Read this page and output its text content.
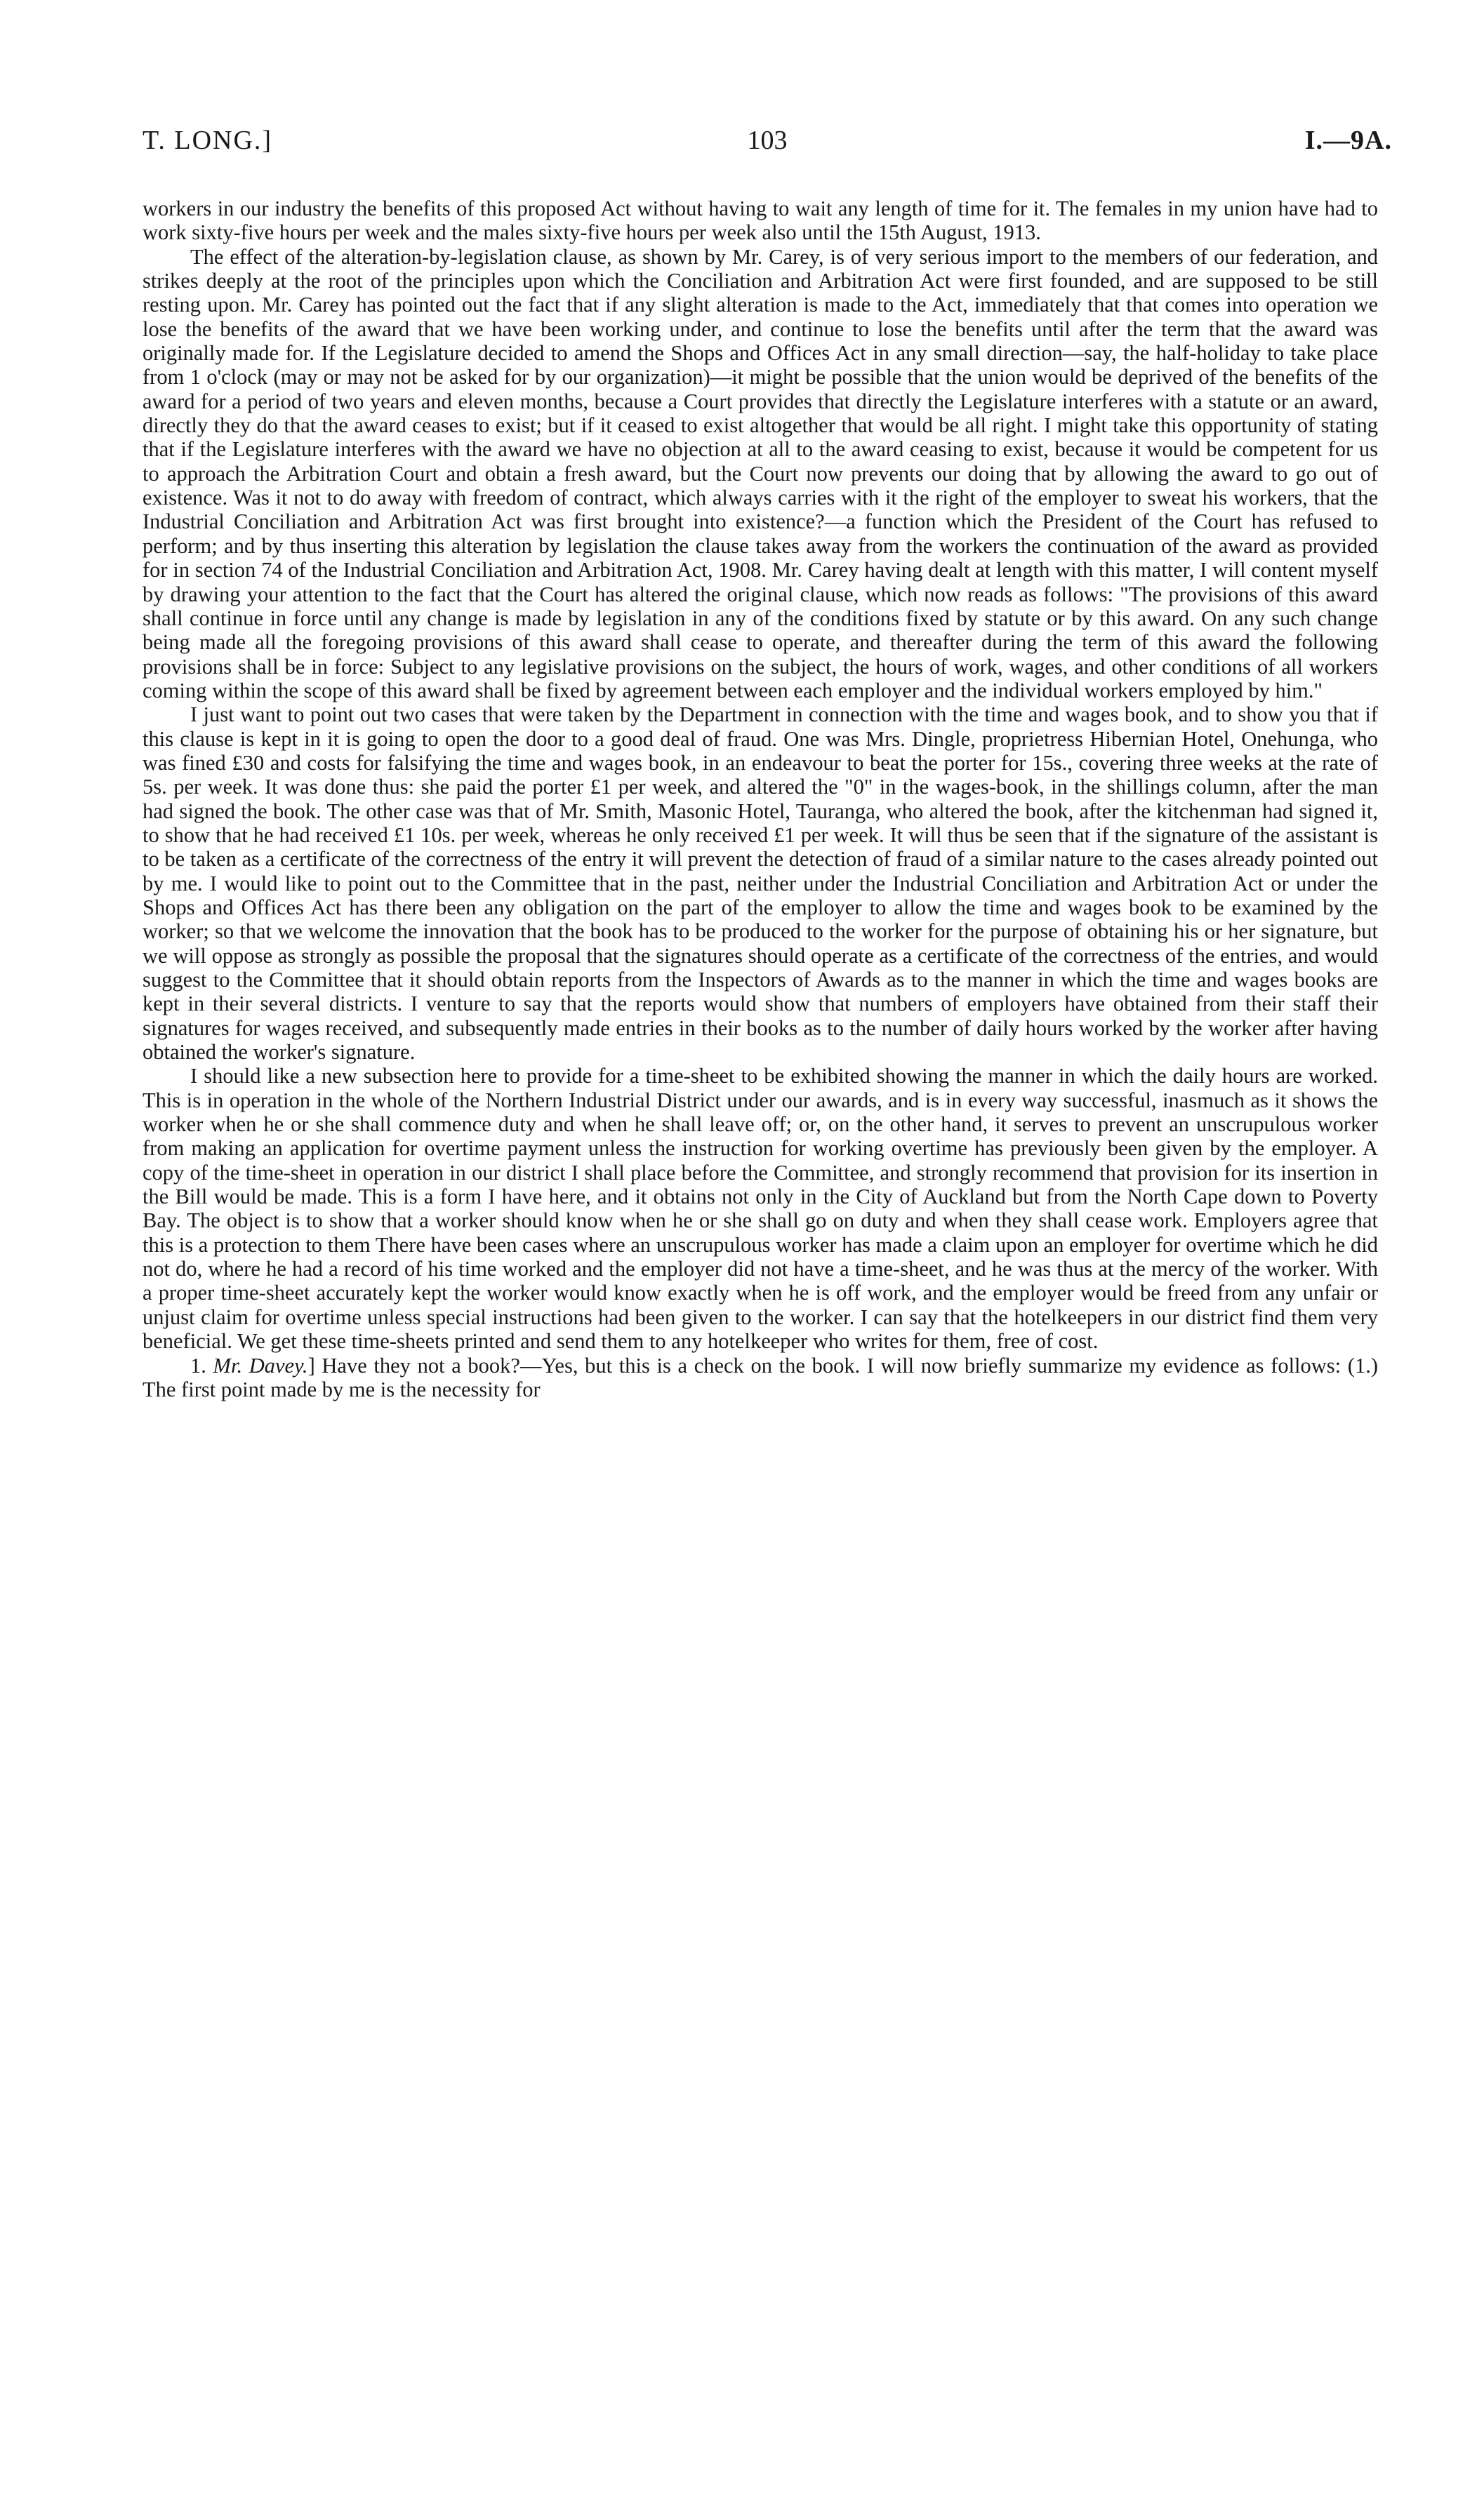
T. LONG.]	103	I.—9A.

workers in our industry the benefits of this proposed Act without having to wait any length of time for it. The females in my union have had to work sixty-five hours per week and the males sixty-five hours per week also until the 15th August, 1913.

The effect of the alteration-by-legislation clause, as shown by Mr. Carey, is of very serious import to the members of our federation, and strikes deeply at the root of the principles upon which the Conciliation and Arbitration Act were first founded, and are supposed to be still resting upon. Mr. Carey has pointed out the fact that if any slight alteration is made to the Act, immediately that that comes into operation we lose the benefits of the award that we have been working under, and continue to lose the benefits until after the term that the award was originally made for. If the Legislature decided to amend the Shops and Offices Act in any small direction—say, the half-holiday to take place from 1 o'clock (may or may not be asked for by our organization)—it might be possible that the union would be deprived of the benefits of the award for a period of two years and eleven months, because a Court provides that directly the Legislature interferes with a statute or an award, directly they do that the award ceases to exist; but if it ceased to exist altogether that would be all right. I might take this opportunity of stating that if the Legislature interferes with the award we have no objection at all to the award ceasing to exist, because it would be competent for us to approach the Arbitration Court and obtain a fresh award, but the Court now prevents our doing that by allowing the award to go out of existence. Was it not to do away with freedom of contract, which always carries with it the right of the employer to sweat his workers, that the Industrial Conciliation and Arbitration Act was first brought into existence?—a function which the President of the Court has refused to perform; and by thus inserting this alteration by legislation the clause takes away from the workers the continuation of the award as provided for in section 74 of the Industrial Conciliation and Arbitration Act, 1908. Mr. Carey having dealt at length with this matter, I will content myself by drawing your attention to the fact that the Court has altered the original clause, which now reads as follows: "The provisions of this award shall continue in force until any change is made by legislation in any of the conditions fixed by statute or by this award. On any such change being made all the foregoing provisions of this award shall cease to operate, and thereafter during the term of this award the following provisions shall be in force: Subject to any legislative provisions on the subject, the hours of work, wages, and other conditions of all workers coming within the scope of this award shall be fixed by agreement between each employer and the individual workers employed by him."

I just want to point out two cases that were taken by the Department in connection with the time and wages book, and to show you that if this clause is kept in it is going to open the door to a good deal of fraud. One was Mrs. Dingle, proprietress Hibernian Hotel, Onehunga, who was fined £30 and costs for falsifying the time and wages book, in an endeavour to beat the porter for 15s., covering three weeks at the rate of 5s. per week. It was done thus: she paid the porter £1 per week, and altered the "0" in the wages-book, in the shillings column, after the man had signed the book. The other case was that of Mr. Smith, Masonic Hotel, Tauranga, who altered the book, after the kitchenman had signed it, to show that he had received £1 10s. per week, whereas he only received £1 per week. It will thus be seen that if the signature of the assistant is to be taken as a certificate of the correctness of the entry it will prevent the detection of fraud of a similar nature to the cases already pointed out by me. I would like to point out to the Committee that in the past, neither under the Industrial Conciliation and Arbitration Act or under the Shops and Offices Act has there been any obligation on the part of the employer to allow the time and wages book to be examined by the worker; so that we welcome the innovation that the book has to be produced to the worker for the purpose of obtaining his or her signature, but we will oppose as strongly as possible the proposal that the signatures should operate as a certificate of the correctness of the entries, and would suggest to the Committee that it should obtain reports from the Inspectors of Awards as to the manner in which the time and wages books are kept in their several districts. I venture to say that the reports would show that numbers of employers have obtained from their staff their signatures for wages received, and subsequently made entries in their books as to the number of daily hours worked by the worker after having obtained the worker's signature.

I should like a new subsection here to provide for a time-sheet to be exhibited showing the manner in which the daily hours are worked. This is in operation in the whole of the Northern Industrial District under our awards, and is in every way successful, inasmuch as it shows the worker when he or she shall commence duty and when he shall leave off; or, on the other hand, it serves to prevent an unscrupulous worker from making an application for overtime payment unless the instruction for working overtime has previously been given by the employer. A copy of the time-sheet in operation in our district I shall place before the Committee, and strongly recommend that provision for its insertion in the Bill would be made. This is a form I have here, and it obtains not only in the City of Auckland but from the North Cape down to Poverty Bay. The object is to show that a worker should know when he or she shall go on duty and when they shall cease work. Employers agree that this is a protection to them There have been cases where an unscrupulous worker has made a claim upon an employer for overtime which he did not do, where he had a record of his time worked and the employer did not have a time-sheet, and he was thus at the mercy of the worker. With a proper time-sheet accurately kept the worker would know exactly when he is off work, and the employer would be freed from any unfair or unjust claim for overtime unless special instructions had been given to the worker. I can say that the hotelkeepers in our district find them very beneficial. We get these time-sheets printed and send them to any hotelkeeper who writes for them, free of cost.

1. Mr. Davey.] Have they not a book?—Yes, but this is a check on the book. I will now briefly summarize my evidence as follows: (1.) The first point made by me is the necessity for
